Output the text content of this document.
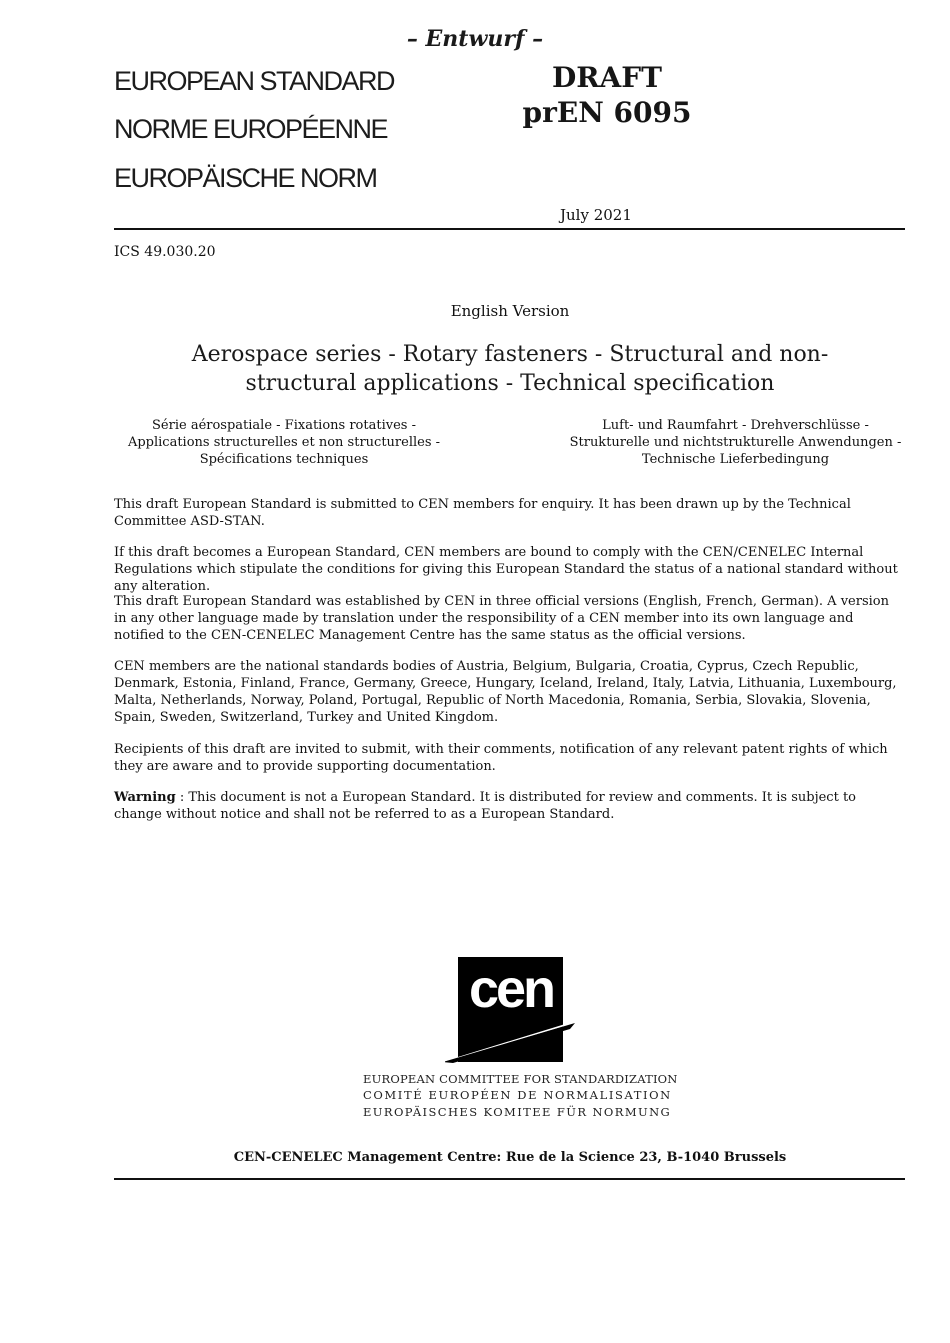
– Entwurf –
EUROPEAN STANDARD
NORME EUROPÉENNE
EUROPÄISCHE NORM
DRAFT
prEN 6095
July 2021
ICS 49.030.20
English Version
Aerospace series - Rotary fasteners - Structural and non-structural applications - Technical specification
Série aérospatiale - Fixations rotatives - Applications structurelles et non structurelles - Spécifications techniques
Luft- und Raumfahrt - Drehverschlüsse - Strukturelle und nichtstrukturelle Anwendungen - Technische Lieferbedingung
This draft European Standard is submitted to CEN members for enquiry. It has been drawn up by the Technical Committee ASD-STAN.
If this draft becomes a European Standard, CEN members are bound to comply with the CEN/CENELEC Internal Regulations which stipulate the conditions for giving this European Standard the status of a national standard without any alteration.
This draft European Standard was established by CEN in three official versions (English, French, German). A version in any other language made by translation under the responsibility of a CEN member into its own language and notified to the CEN-CENELEC Management Centre has the same status as the official versions.
CEN members are the national standards bodies of Austria, Belgium, Bulgaria, Croatia, Cyprus, Czech Republic, Denmark, Estonia, Finland, France, Germany, Greece, Hungary, Iceland, Ireland, Italy, Latvia, Lithuania, Luxembourg, Malta, Netherlands, Norway, Poland, Portugal, Republic of North Macedonia, Romania, Serbia, Slovakia, Slovenia, Spain, Sweden, Switzerland, Turkey and United Kingdom.
Recipients of this draft are invited to submit, with their comments, notification of any relevant patent rights of which they are aware and to provide supporting documentation.
Warning : This document is not a European Standard. It is distributed for review and comments. It is subject to change without notice and shall not be referred to as a European Standard.
cen
EUROPEAN COMMITTEE FOR STANDARDIZATION
COMITÉ EUROPÉEN DE NORMALISATION
EUROPÄISCHES KOMITEE FÜR NORMUNG
CEN-CENELEC Management Centre: Rue de la Science 23, B-1040 Brussels
